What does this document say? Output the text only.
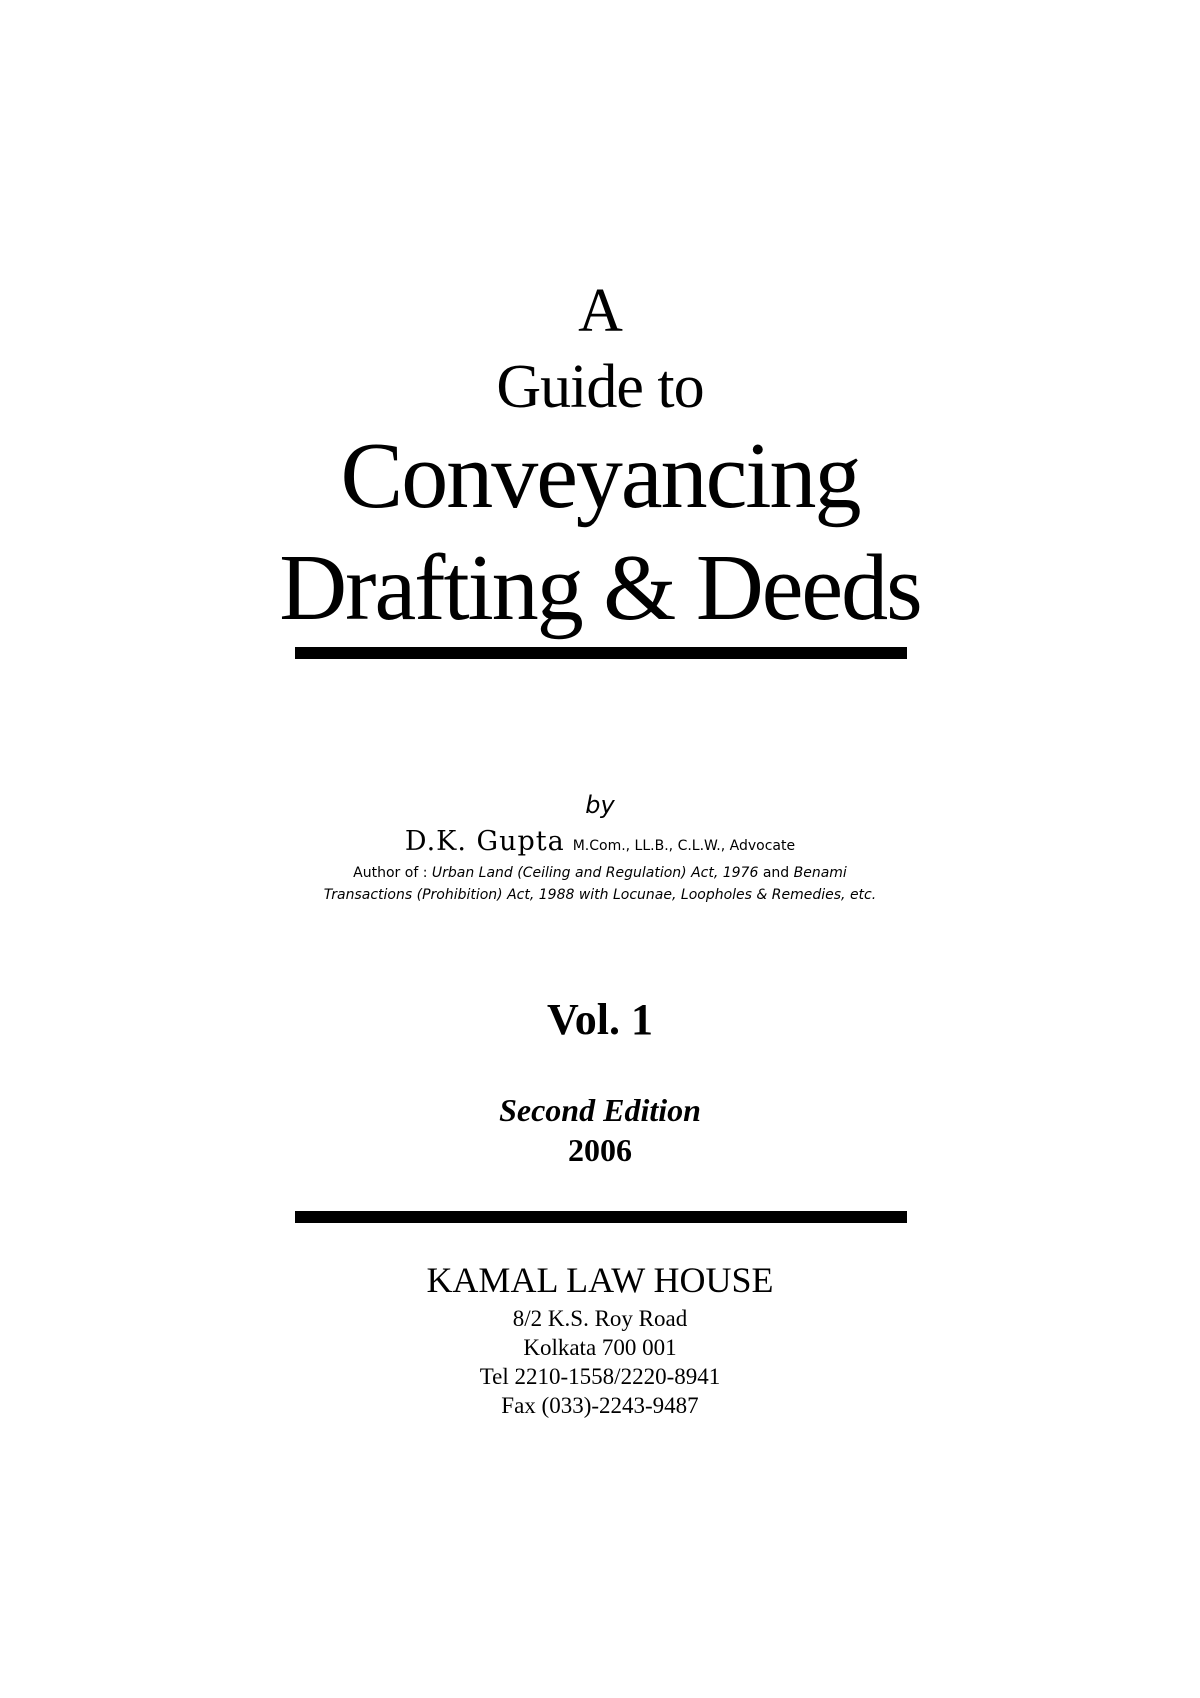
A
Guide to
Conveyancing
Drafting & Deeds
by
D.K. Gupta M.Com., LL.B., C.L.W., Advocate
Author of : Urban Land (Ceiling and Regulation) Act, 1976 and Benami
Transactions (Prohibition) Act, 1988 with Locunae, Loopholes & Remedies, etc.
Vol. 1
Second Edition
2006
KAMAL LAW HOUSE
8/2 K.S. Roy Road
Kolkata 700 001
Tel 2210-1558/2220-8941
Fax (033)-2243-9487
